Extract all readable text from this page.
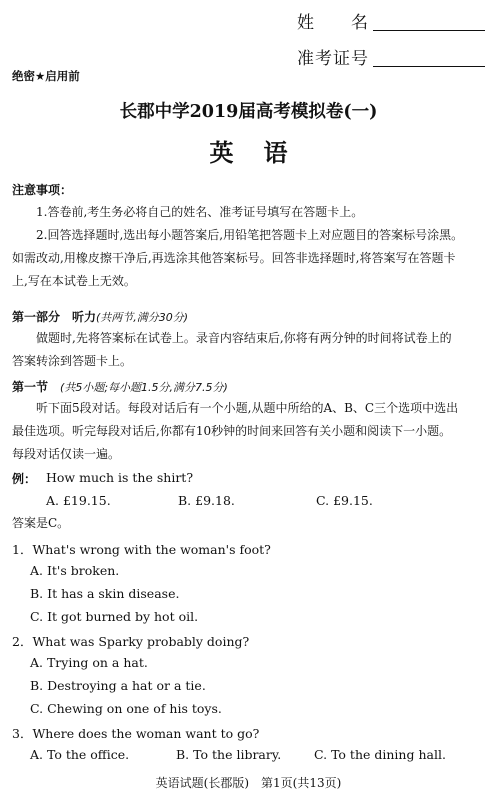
姓　　名
准考证号
绝密★启用前
长郡中学2019届高考模拟卷(一)
英语
注意事项：
1.答卷前,考生务必将自己的姓名、准考证号填写在答题卡上。
2.回答选择题时,选出每小题答案后,用铅笔把答题卡上对应题目的答案标号涂黑。
如需改动,用橡皮擦干净后,再选涂其他答案标号。回答非选择题时,将答案写在答题卡
上,写在本试卷上无效。
第一部分　听力(共两节,满分30分)
做题时,先将答案标在试卷上。录音内容结束后,你将有两分钟的时间将试卷上的
答案转涂到答题卡上。
第一节　 (共5小题;每小题1.5分,满分7.5分)
听下面5段对话。每段对话后有一个小题,从题中所给的A、B、C三个选项中选出
最佳选项。听完每段对话后,你都有10秒钟的时间来回答有关小题和阅读下一小题。
每段对话仅读一遍。
例： How much is the shirt?
A. £19.15.	B. £9.18.	C. £9.15.
答案是C。
1．What's wrong with the woman's foot?
A. It's broken.
B. It has a skin disease.
C. It got burned by hot oil.
2．What was Sparky probably doing?
A. Trying on a hat.
B. Destroying a hat or a tie.
C. Chewing on one of his toys.
3．Where does the woman want to go?
A. To the office.	B. To the library.	C. To the dining hall.
英语试题(长郡版)　第1页(共13页)
